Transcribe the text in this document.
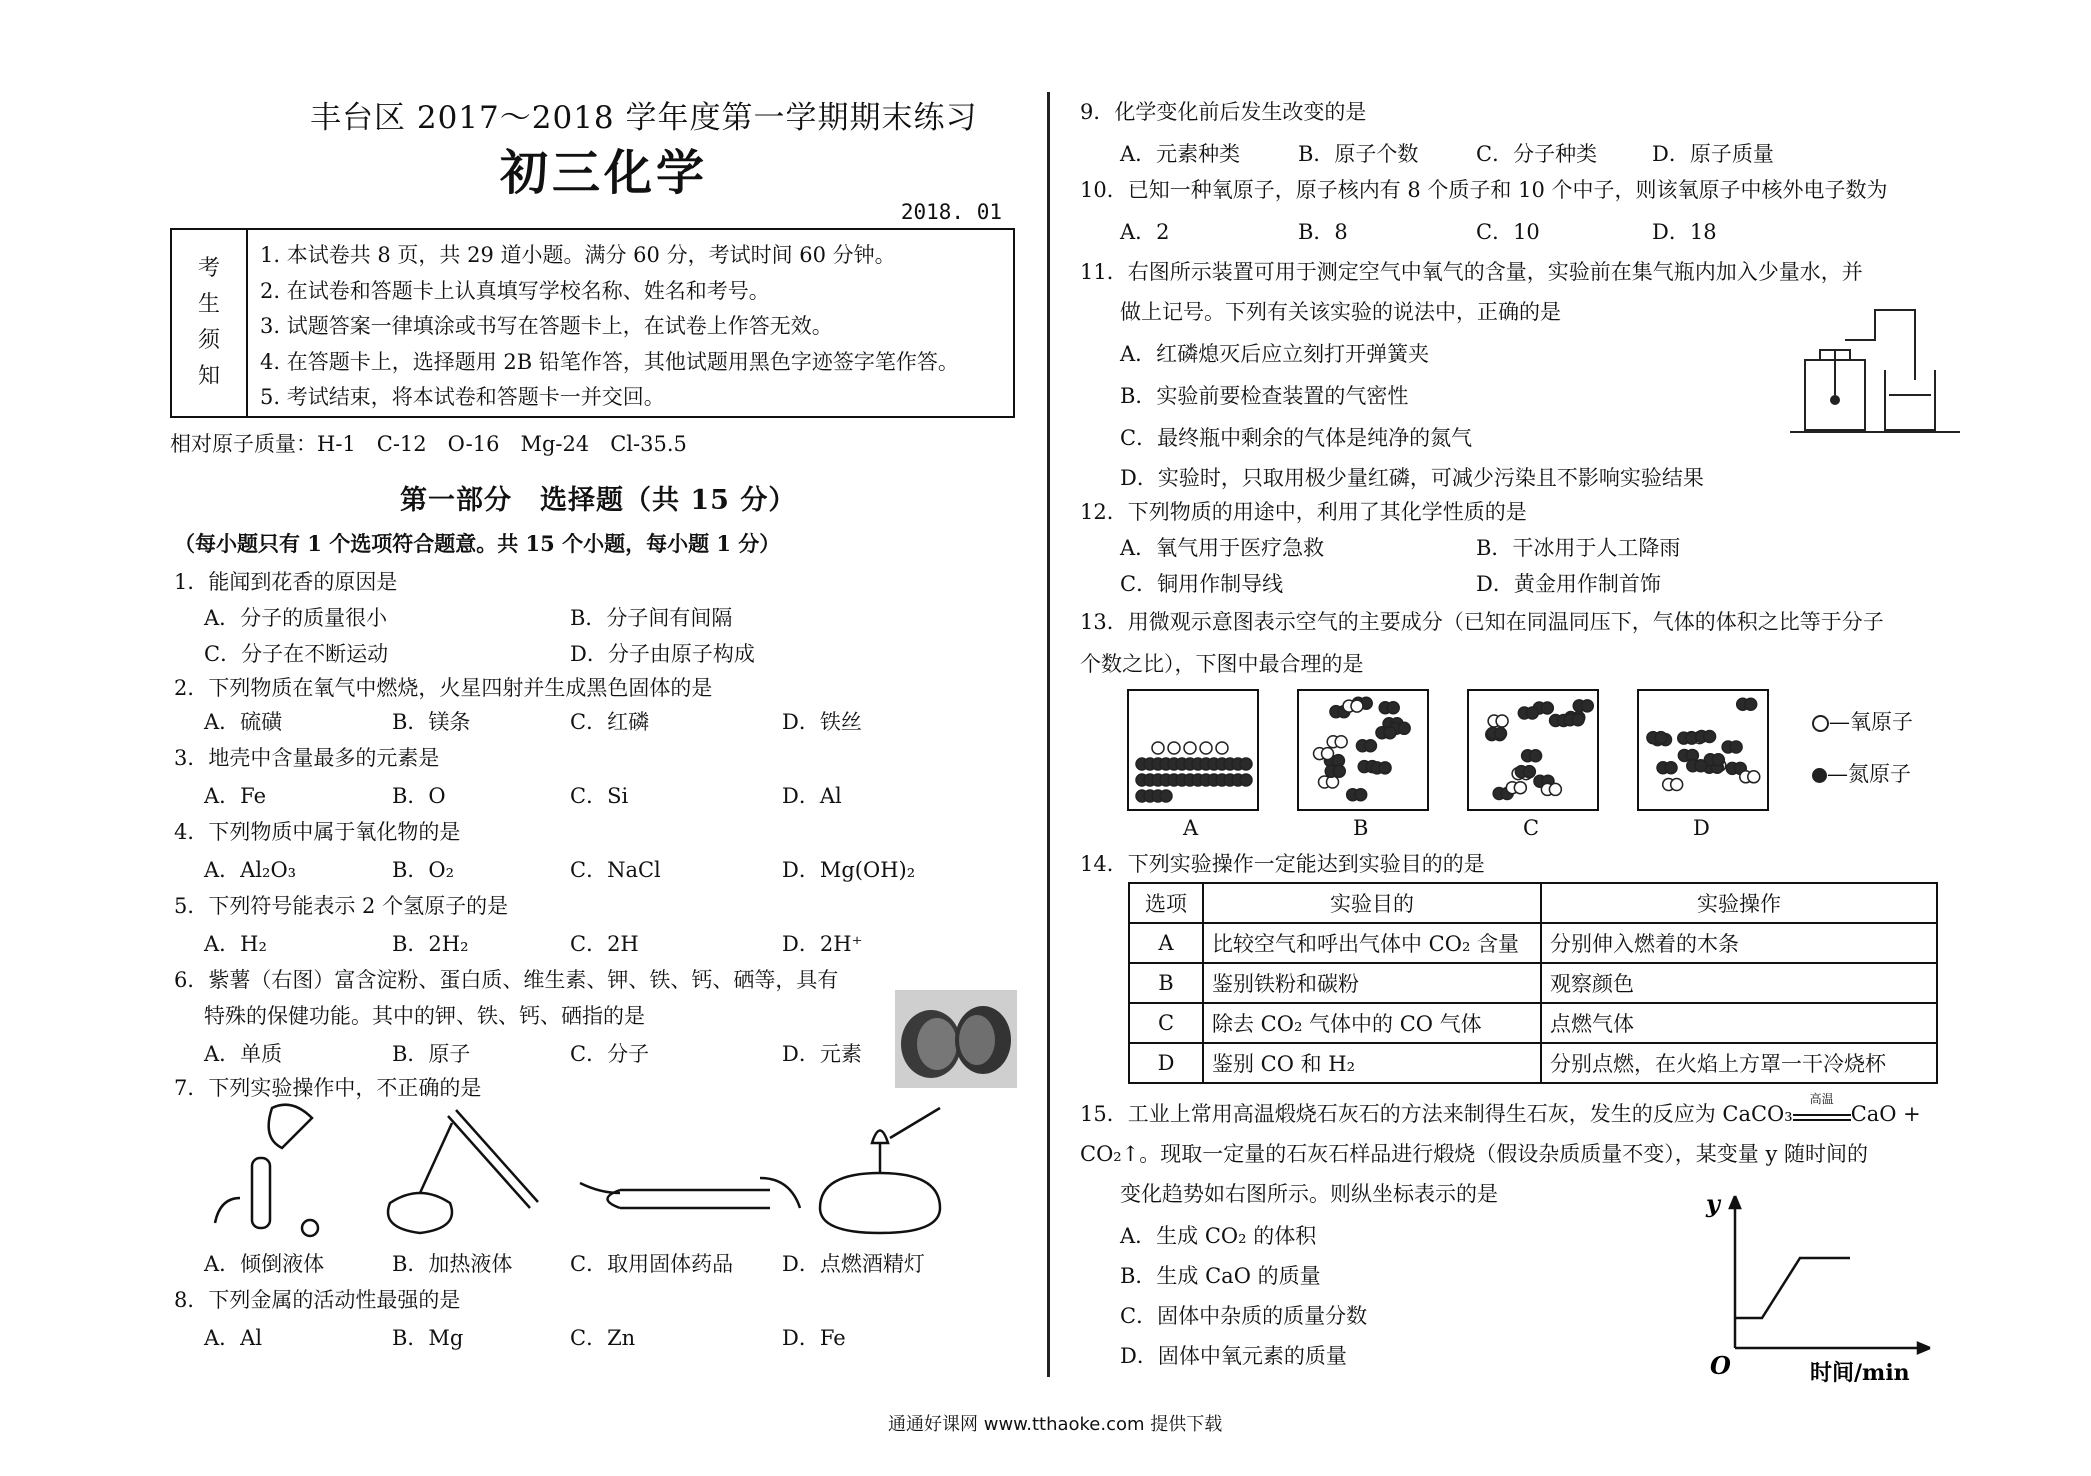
丰台区 2017～2018 学年度第一学期期末练习
初三化学
2018. 01
考
生
须
知
1. 本试卷共 8 页，共 29 道小题。满分 60 分，考试时间 60 分钟。
2. 在试卷和答题卡上认真填写学校名称、姓名和考号。
3. 试题答案一律填涂或书写在答题卡上，在试卷上作答无效。
4. 在答题卡上，选择题用 2B 铅笔作答，其他试题用黑色字迹签字笔作答。
5. 考试结束，将本试卷和答题卡一并交回。
相对原子质量：H-1　C-12　O-16　Mg-24　Cl-35.5
第一部分　选择题（共 15 分）
（每小题只有 1 个选项符合题意。共 15 个小题，每小题 1 分）
1．能闻到花香的原因是
A．分子的质量很小	B．分子间有间隔
C．分子在不断运动	D．分子由原子构成
2．下列物质在氧气中燃烧，火星四射并生成黑色固体的是
A．硫磺	B．镁条	C．红磷	D．铁丝
3．地壳中含量最多的元素是
A．Fe	B．O	C．Si	D．Al
4．下列物质中属于氧化物的是
A．Al₂O₃	B．O₂	C．NaCl	D．Mg(OH)₂
5．下列符号能表示 2 个氢原子的是
A．H₂	B．2H₂	C．2H	D．2H⁺
6．紫薯（右图）富含淀粉、蛋白质、维生素、钾、铁、钙、硒等，具有
特殊的保健功能。其中的钾、铁、钙、硒指的是
A．单质	B．原子	C．分子	D．元素
7．下列实验操作中，不正确的是
A．倾倒液体	B．加热液体	C．取用固体药品 D．点燃酒精灯
8．下列金属的活动性最强的是
A．Al	B．Mg	C．Zn	D．Fe
9．化学变化前后发生改变的是
A．元素种类	B．原子个数	C．分子种类	D．原子质量
10．已知一种氧原子，原子核内有 8 个质子和 10 个中子，则该氧原子中核外电子数为
A．2	B．8	C．10	D．18
11．右图所示装置可用于测定空气中氧气的含量，实验前在集气瓶内加入少量水，并
做上记号。下列有关该实验的说法中，正确的是
A．红磷熄灭后应立刻打开弹簧夹
B．实验前要检查装置的气密性
C．最终瓶中剩余的气体是纯净的氮气
D．实验时，只取用极少量红磷，可减少污染且不影响实验结果
12．下列物质的用途中，利用了其化学性质的是
A．氧气用于医疗急救	B．干冰用于人工降雨
C．铜用作制导线	D．黄金用作制首饰
13．用微观示意图表示空气的主要成分（已知在同温同压下，气体的体积之比等于分子
个数之比），下图中最合理的是
A	B	C	D
—氧原子
—氮原子
14．下列实验操作一定能达到实验目的的是
选项	实验目的	实验操作
A	比较空气和呼出气体中 CO₂ 含量	分别伸入燃着的木条
B	鉴别铁粉和碳粉	观察颜色
C	除去 CO₂ 气体中的 CO 气体	点燃气体
D	鉴别 CO 和 H₂	分别点燃，在火焰上方罩一干冷烧杯
15．工业上常用高温煅烧石灰石的方法来制得生石灰，发生的反应为 CaCO₃
高温
CaO +
CO₂↑。现取一定量的石灰石样品进行煅烧（假设杂质质量不变），某变量 y 随时间的
变化趋势如右图所示。则纵坐标表示的是
A．生成 CO₂ 的体积
B．生成 CaO 的质量
C．固体中杂质的质量分数
D．固体中氧元素的质量
y
O	时间/min
通通好课网 www.tthaoke.com 提供下载
